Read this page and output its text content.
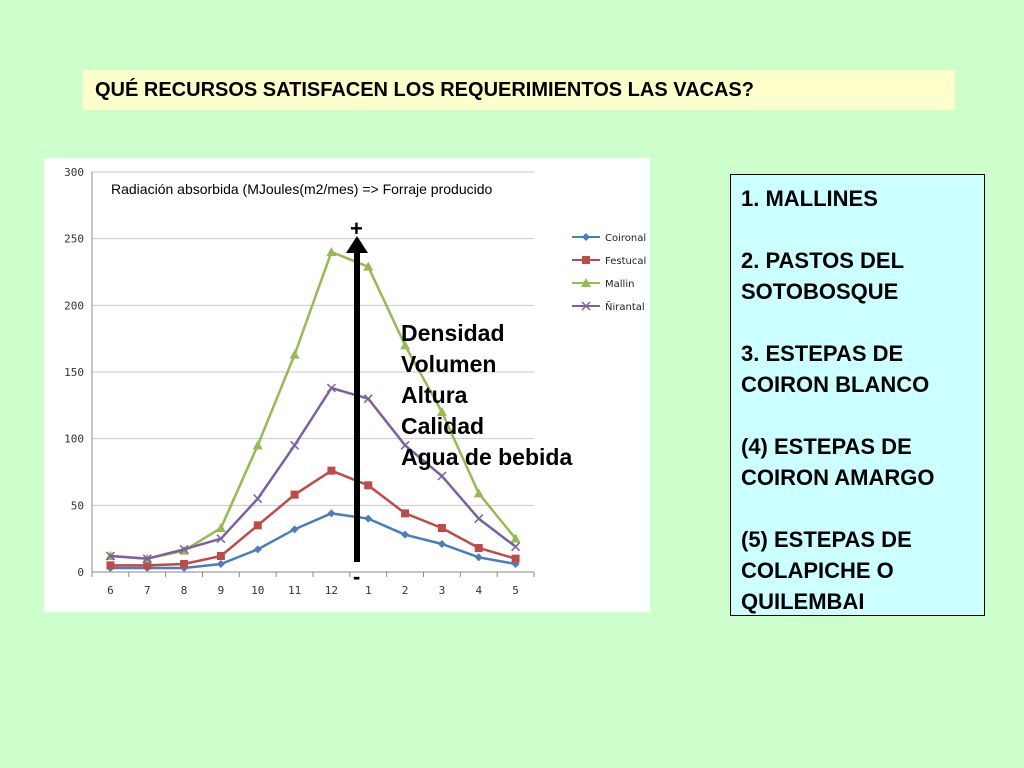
QUÉ RECURSOS SATISFACEN LOS REQUERIMIENTOS LAS VACAS?
0
50
100
150
200
250
300
6	7	8	9 10 11 12 1	2	3	4	5
Coironal
Festucal
Mallin
Ñirantal
Radiación absorbida (MJoules(m2/mes) => Forraje producido
+
-
Densidad
Volumen
Altura
Calidad
Agua de bebida
1. MALLINES
2. PASTOS DEL SOTOBOSQUE
3. ESTEPAS DE COIRON BLANCO
(4) ESTEPAS DE COIRON AMARGO
(5) ESTEPAS DE COLAPICHE O QUILEMBAI
